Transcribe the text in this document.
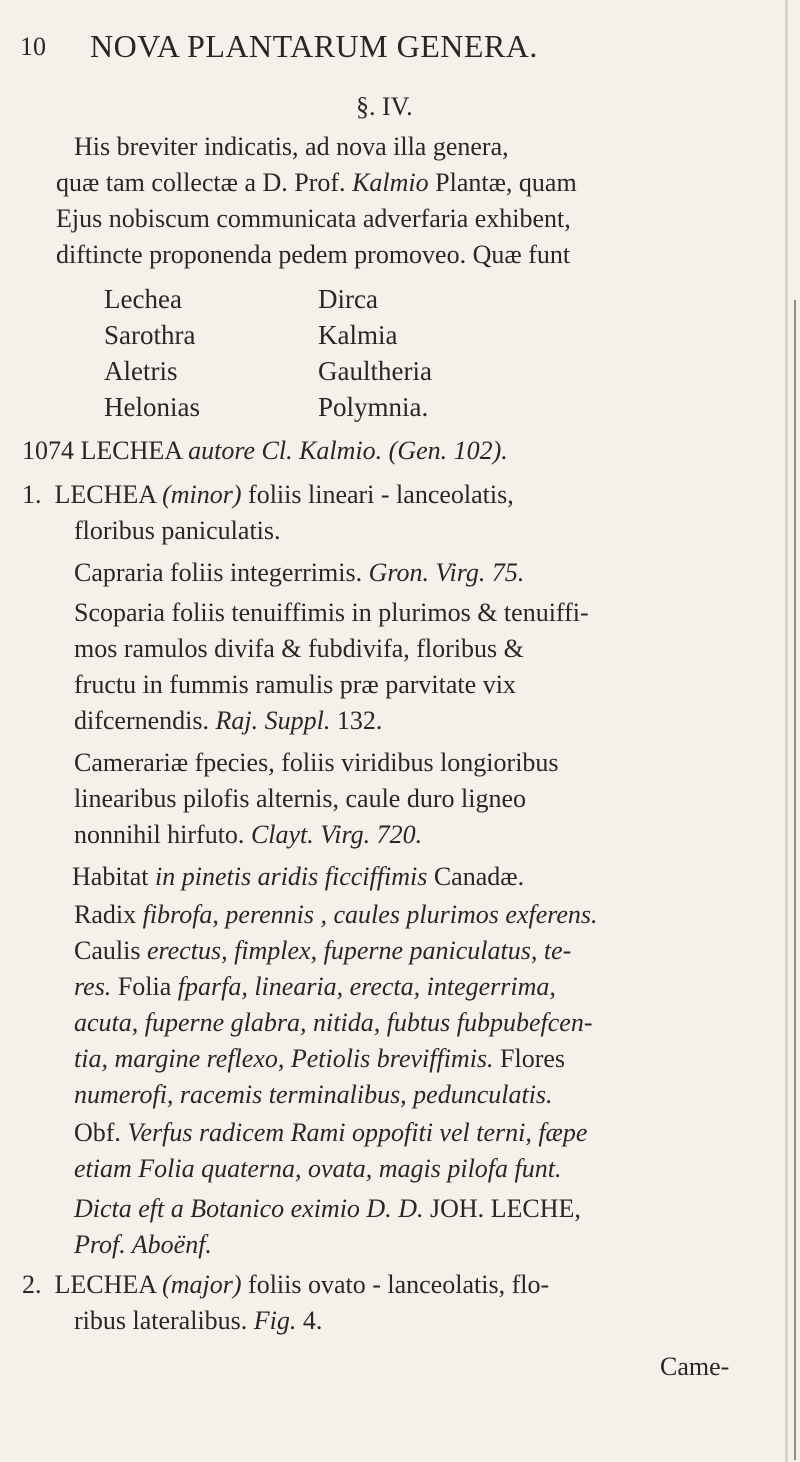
10 NOVA PLANTARUM GENERA.
§. IV.
His breviter indicatis, ad nova illa genera,
quæ tam collectæ a D. Prof. Kalmio Plantæ, quam
Ejus nobiscum communicata adverfaria exhibent,
diftincte proponenda pedem promoveo. Quæ funt
Lechea
Sarothra
Aletris
Helonias
Dirca
Kalmia
Gaultheria
Polymnia.
1074 LECHEA autore Cl. Kalmio. (Gen. 102).
1. LECHEA (minor) foliis lineari - lanceolatis,
floribus paniculatis.
Capraria foliis integerrimis. Gron. Virg. 75.
Scoparia foliis tenuiffimis in plurimos & tenuiffi-
mos ramulos divifa & fubdivifa, floribus &
fructu in fummis ramulis præ parvitate vix
difcernendis. Raj. Suppl. 132.
Camerariæ fpecies, foliis viridibus longioribus
linearibus pilofis alternis, caule duro ligneo
nonnihil hirfuto. Clayt. Virg. 720.
Habitat in pinetis aridis ficciffimis Canadæ.
Radix fibrofa, perennis , caules plurimos exferens.
Caulis erectus, fimplex, fuperne paniculatus, te-
res. Folia fparfa, linearia, erecta, integerrima,
acuta, fuperne glabra, nitida, fubtus fubpubefcen-
tia, margine reflexo, Petiolis breviffimis. Flores
numerofi, racemis terminalibus, pedunculatis.
Obf. Verfus radicem Rami oppofiti vel terni, fæpe
etiam Folia quaterna, ovata, magis pilofa funt.
Dicta eft a Botanico eximio D. D. JOH. LECHE,
Prof. Aboënf.
2. LECHEA (major) foliis ovato - lanceolatis, flo-
ribus lateralibus. Fig. 4.
Came-
